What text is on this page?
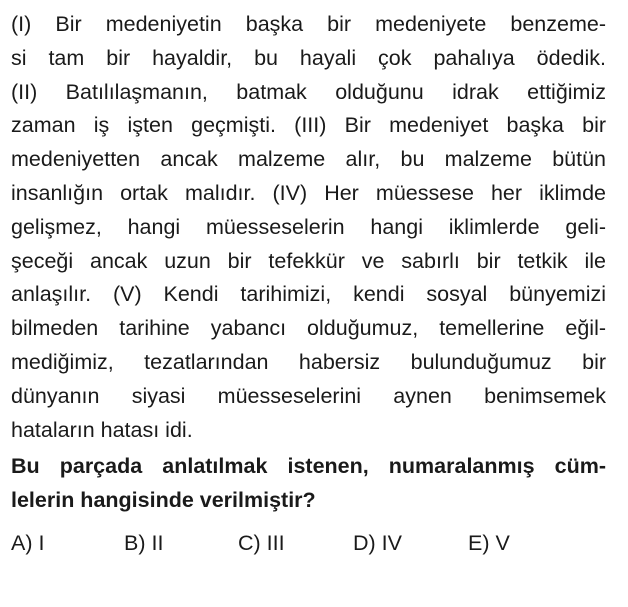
(I) Bir medeniyetin başka bir medeniyete benzeme-
si tam bir hayaldir, bu hayali çok pahalıya ödedik.
(II) Batılılaşmanın, batmak olduğunu idrak ettiğimiz
zaman iş işten geçmişti. (III) Bir medeniyet başka bir
medeniyetten ancak malzeme alır, bu malzeme bütün
insanlığın ortak malıdır. (IV) Her müessese her iklimde
gelişmez, hangi müesseselerin hangi iklimlerde geli-
şeceği ancak uzun bir tefekkür ve sabırlı bir tetkik ile
anlaşılır. (V) Kendi tarihimizi, kendi sosyal bünyemizi
bilmeden tarihine yabancı olduğumuz, temellerine eğil-
mediğimiz, tezatlarından habersiz bulunduğumuz bir
dünyanın siyasi müesseselerini aynen benimsemek
hataların hatası idi.
Bu parçada anlatılmak istenen, numaralanmış cüm-
lelerin hangisinde verilmiştir?
A) I	B) II	C) III	D) IV	E) V
